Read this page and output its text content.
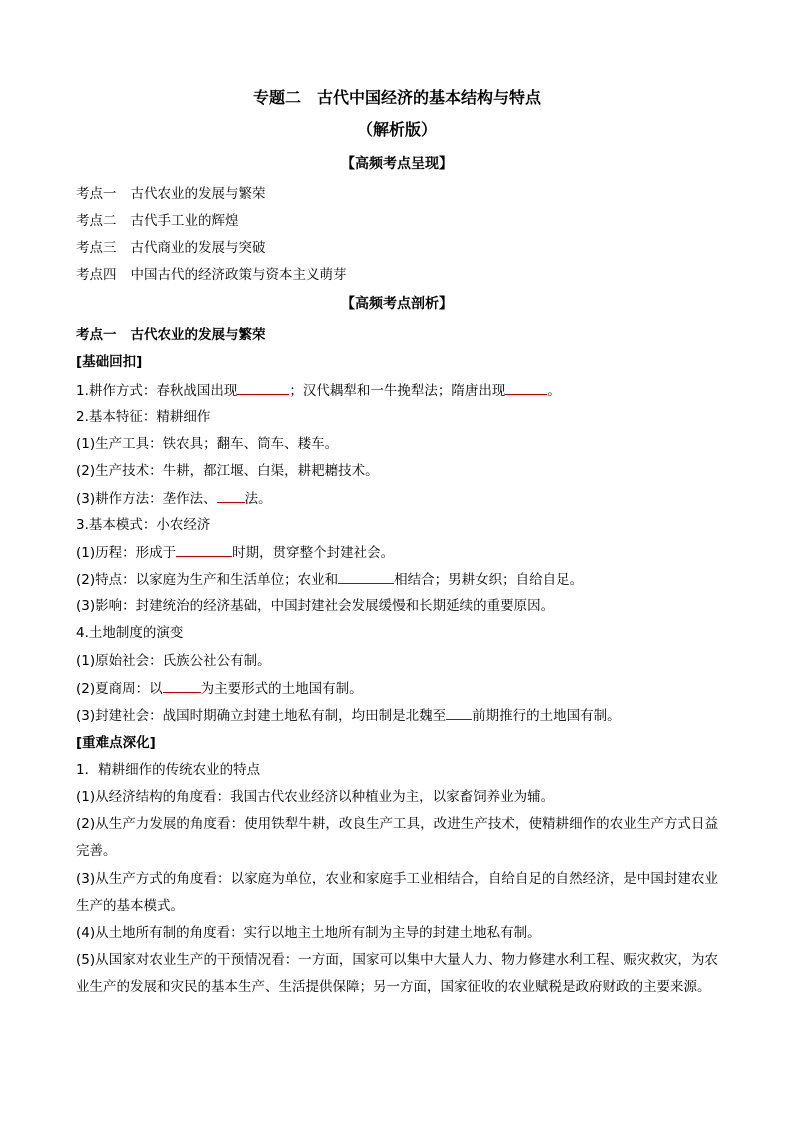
专题二　古代中国经济的基本结构与特点
（解析版）
【高频考点呈现】
考点一 古代农业的发展与繁荣
考点二 古代手工业的辉煌
考点三 古代商业的发展与突破
考点四 中国古代的经济政策与资本主义萌芽
【高频考点剖析】
考点一 古代农业的发展与繁荣
[基础回扣]
1.耕作方式：春秋战国出现	；汉代耦犁和一牛挽犁法；隋唐出现	。
2.基本特征：精耕细作
(1)生产工具：铁农具；翻车、筒车、耧车。
(2)生产技术：牛耕，都江堰、白渠，耕耙耱技术。
(3)耕作方法：垄作法、 法。
3.基本模式：小农经济
(1)历程：形成于	时期，贯穿整个封建社会。
(2)特点：以家庭为生产和生活单位；农业和	相结合；男耕女织；自给自足。
(3)影响：封建统治的经济基础，中国封建社会发展缓慢和长期延续的重要原因。
4.土地制度的演变
(1)原始社会：氏族公社公有制。
(2)夏商周：以	为主要形式的土地国有制。
(3)封建社会：战国时期确立封建土地私有制，均田制是北魏至 前期推行的土地国有制。
[重难点深化]
1．精耕细作的传统农业的特点
(1)从经济结构的角度看：我国古代农业经济以种植业为主，以家畜饲养业为辅。
(2)从生产力发展的角度看：使用铁犁牛耕，改良生产工具，改进生产技术，使精耕细作的农业生产方式日益完善。
(3)从生产方式的角度看：以家庭为单位，农业和家庭手工业相结合，自给自足的自然经济，是中国封建农业生产的基本模式。
(4)从土地所有制的角度看：实行以地主土地所有制为主导的封建土地私有制。
(5)从国家对农业生产的干预情况看：一方面，国家可以集中大量人力、物力修建水利工程、赈灾救灾，为农业生产的发展和灾民的基本生产、生活提供保障；另一方面，国家征收的农业赋税是政府财政的主要来源。
